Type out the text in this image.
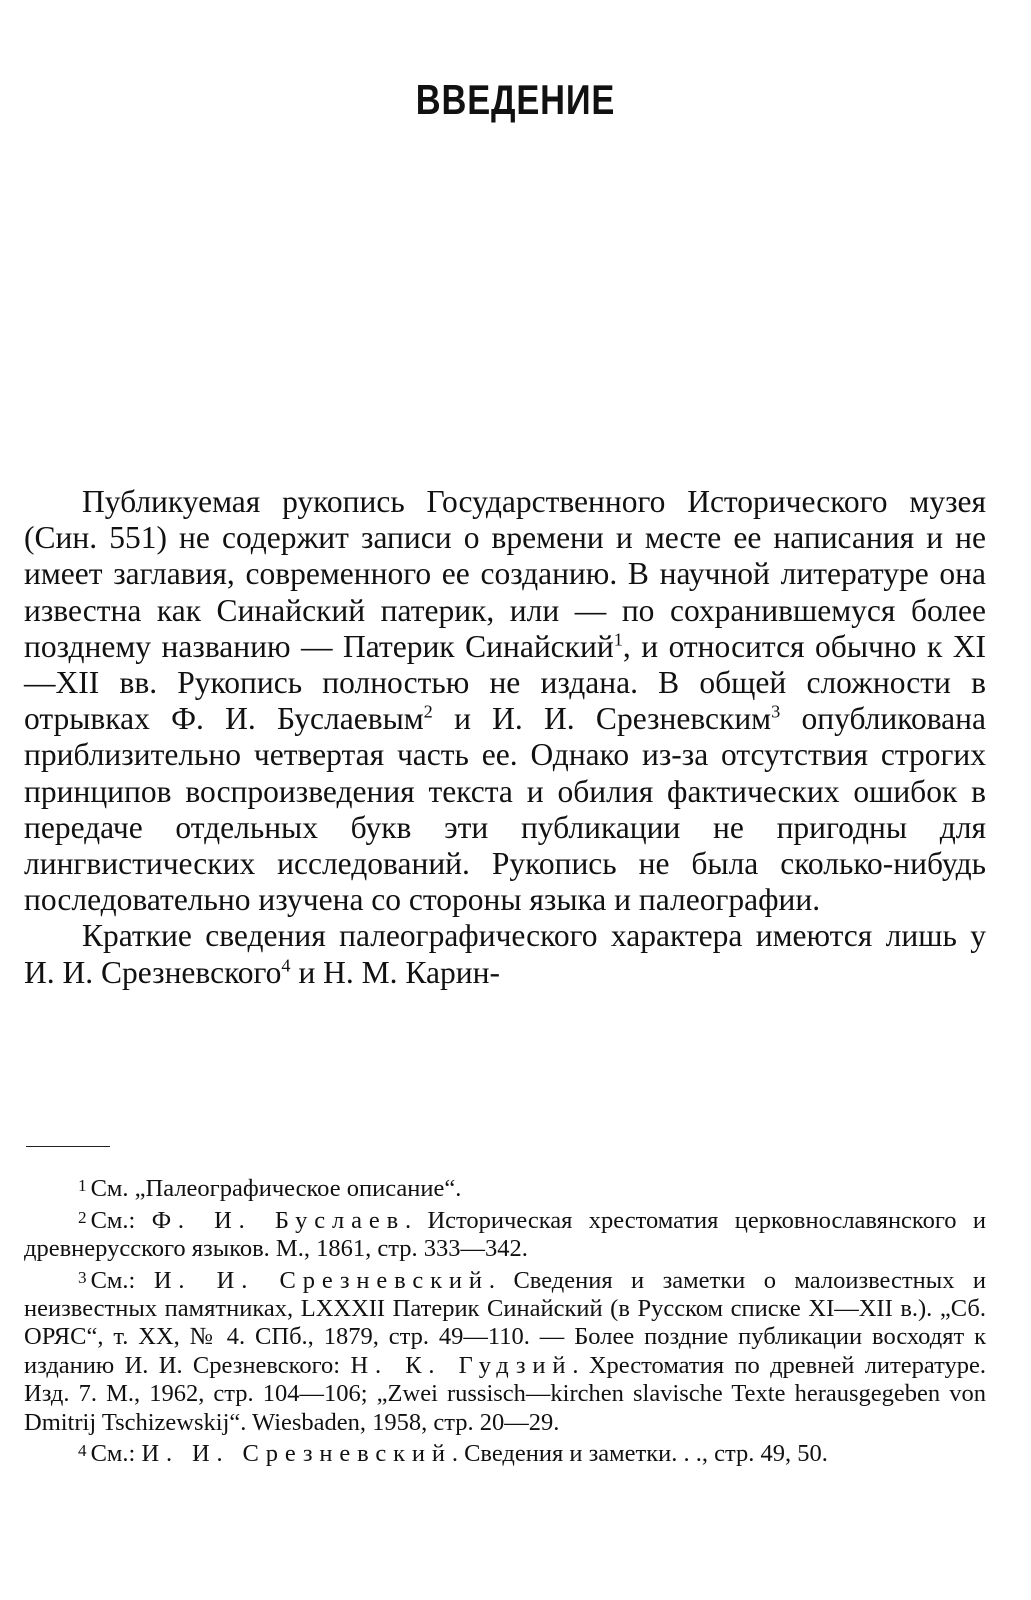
ВВЕДЕНИЕ

Публикуемая рукопись Государственного Исторического музея (Син. 551) не содержит записи о времени и месте ее написания и не имеет заглавия, современного ее созданию. В научной литературе она известна как Синайский патерик, или — по сохранившемуся более позднему названию — Патерик Синайский$^1$, и относится обычно к XI—XII вв. Рукопись полностью не издана. В общей сложности в отрывках Ф. И. Буслаевым$^2$ и И. И. Срезневским$^3$ опубликована приблизительно четвертая часть ее. Однако из-за отсутствия строгих принципов воспроизведения текста и обилия фактических ошибок в передаче отдельных букв эти публикации не пригодны для лингвистических исследований. Рукопись не была сколько-нибудь последовательно изучена со стороны языка и палеографии.

Краткие сведения палеографического характера имеются лишь у И. И. Срезневского$^4$ и Н. М. Карин-

$^1$ См. „Палеографическое описание“.

$^2$ См.: Ф. И. Буслаев. Историческая хрестоматия церковнославянского и древнерусского языков. М., 1861, стр. 333—342.

$^3$ См.: И. И. Срезневский. Сведения и заметки о малоизвестных и неизвестных памятниках, LXXXII Патерик Синайский (в Русском списке XI—XII в.). „Сб. ОРЯС“, т. XX, № 4. СПб., 1879, стр. 49—110. — Более поздние публикации восходят к изданию И. И. Срезневского: Н. К. Гудзий. Хрестоматия по древней литературе. Изд. 7. М., 1962, стр. 104—106; „Zwei russisch—kirchen slavische Texte herausgegeben von Dmitrij Tschizewskij“. Wiesbaden, 1958, стр. 20—29.

$^4$ См.: И. И. Срезневский. Сведения и заметки. . ., стр. 49, 50.
